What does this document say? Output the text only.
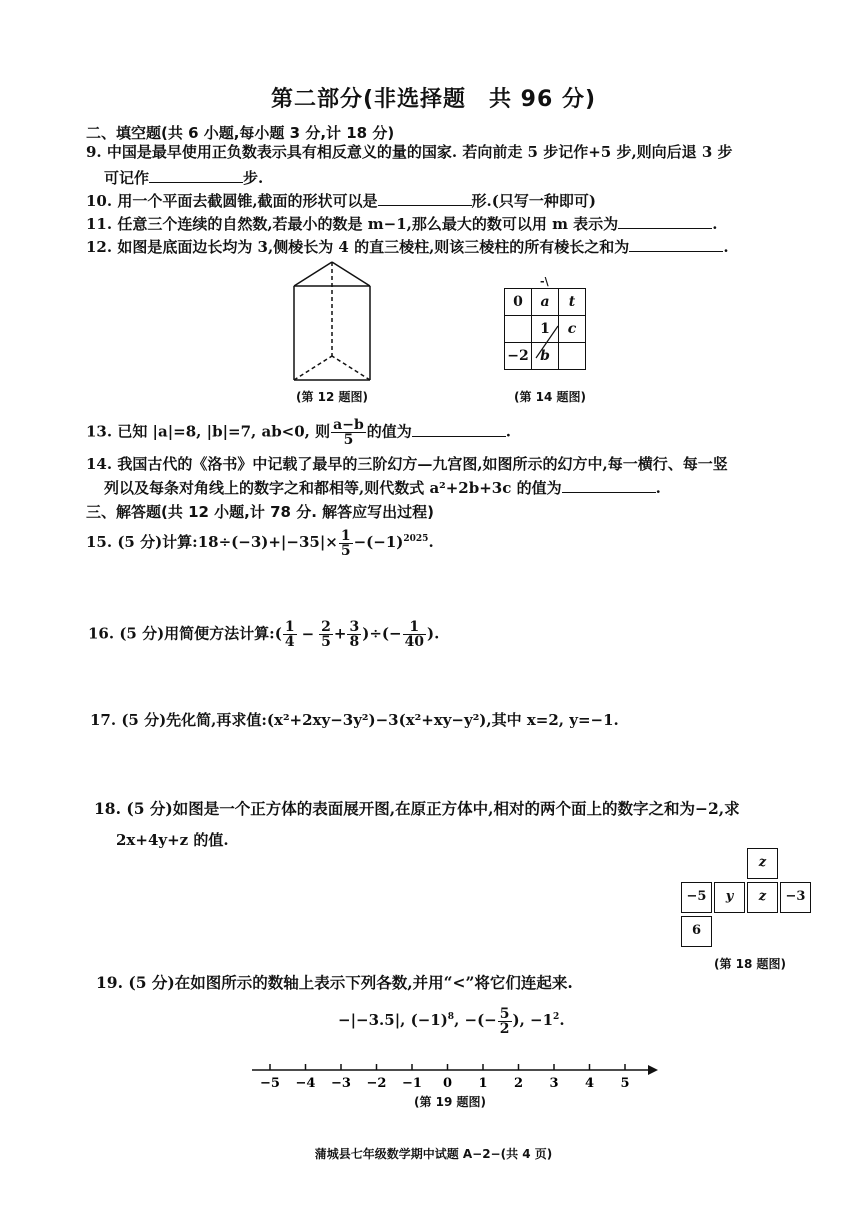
第二部分(非选择题　共 96 分)
二、填空题(共 6 小题,每小题 3 分,计 18 分)
9. 中国是最早使用正负数表示具有相反意义的量的国家. 若向前走 5 步记作+5 步,则向后退 3 步
可记作	步.
10. 用一个平面去截圆锥,截面的形状可以是	形.(只写一种即可)
11. 任意三个连续的自然数,若最小的数是 m−1,那么最大的数可以用 m 表示为	.
12. 如图是底面边长均为 3,侧棱长为 4 的直三棱柱,则该三棱柱的所有棱长之和为	.
(第 12 题图)
-\
0	a	t
	1	c
−2	b	
(第 14 题图)
13. 已知 |a|=8, |b|=7, ab<0, 则 $\frac{a-b}{5}$ 的值为	.
14. 我国古代的《洛书》中记载了最早的三阶幻方—九宫图,如图所示的幻方中,每一横行、每一竖
列以及每条对角线上的数字之和都相等,则代数式 a²+2b+3c 的值为	.
三、解答题(共 12 小题,计 78 分. 解答应写出过程)
15. (5 分)计算:18÷(−3)+|−35|× $\frac{1}{5} -(-1)^{2025}$.
16. (5 分)用简便方法计算:( $\frac{1}{4} - \frac{2}{5} + \frac{3}{8}$ )÷(− $\frac{1}{40}$ ).
17. (5 分)先化简,再求值:(x²+2xy−3y²)−3(x²+xy−y²),其中 x=2, y=−1.
18. (5 分)如图是一个正方体的表面展开图,在原正方体中,相对的两个面上的数字之和为−2,求
2x+4y+z 的值.
z
−5	y	z	−3
6
(第 18 题图)
19. (5 分)在如图所示的数轴上表示下列各数,并用“<”将它们连起来.
−|−3.5|, $(-1)^8$, −(− $\frac{5}{2}$ ), $-1^2$.
−5 −4 −3 −2 −1 0 1 2 3 4 5
(第 19 题图)
蒲城县七年级数学期中试题 A−2−(共 4 页)
